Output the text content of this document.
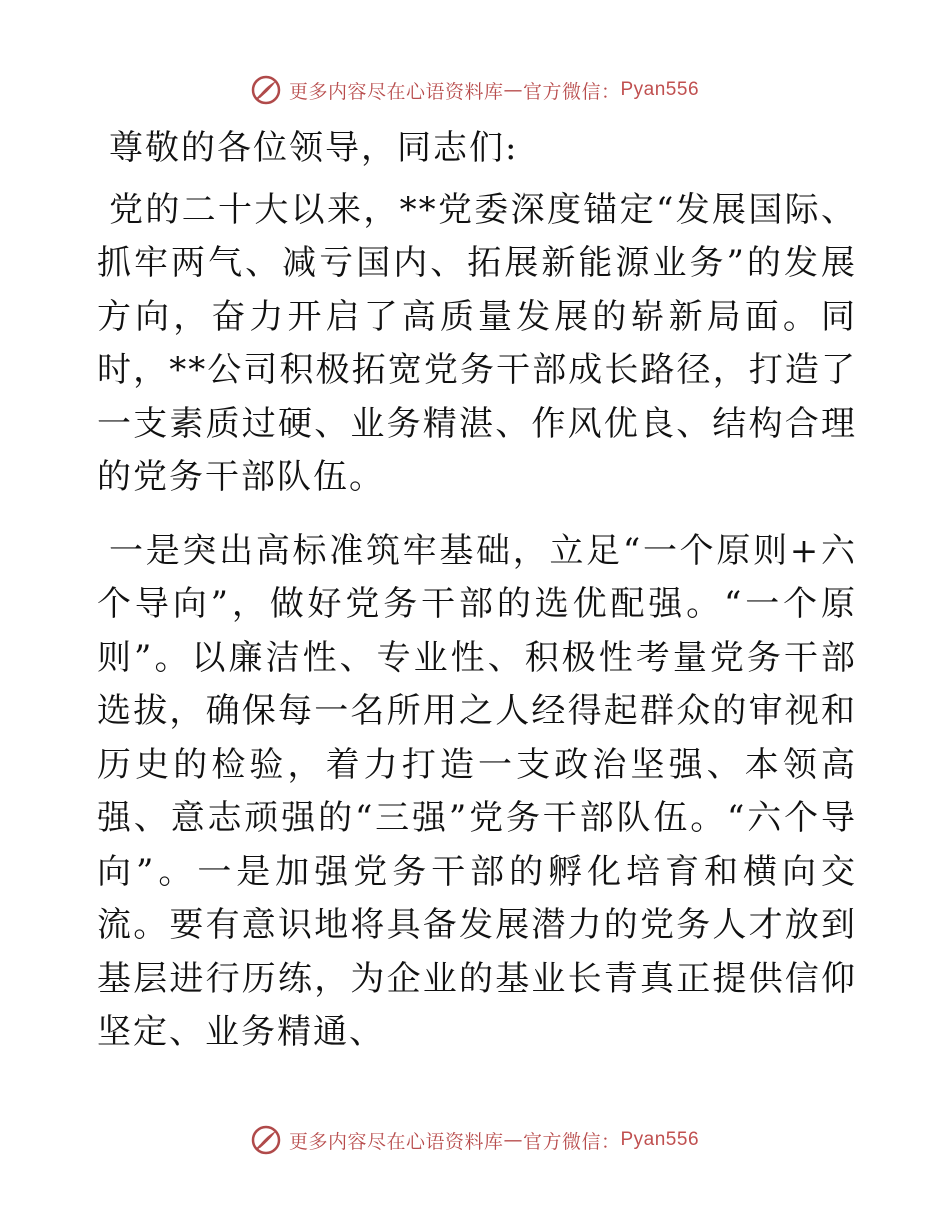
更多内容尽在心语资料库 — 官方微信： Pyan556

尊敬的各位领导，同志们:

党的二十大以来，**党委深度锚定“发展国际、抓牢两气、减亏国内、拓展新能源业务”的发展方向，奋力开启了高质量发展的崭新局面。同时，**公司积极拓宽党务干部成长路径，打造了一支素质过硬、业务精湛、作风优良、结构合理的党务干部队伍。

一是突出高标准筑牢基础，立足“一个原则+六个导向”，做好党务干部的选优配强。“一个原则”。以廉洁性、专业性、积极性考量党务干部选拔，确保每一名所用之人经得起群众的审视和历史的检验，着力打造一支政治坚强、本领高强、意志顽强的“三强”党务干部队伍。“六个导向”。一是加强党务干部的孵化培育和横向交流。要有意识地将具备发展潜力的党务人才放到基层进行历练，为企业的基业长青真正提供信仰坚定、业务精通、

更多内容尽在心语资料库 — 官方微信： Pyan556
